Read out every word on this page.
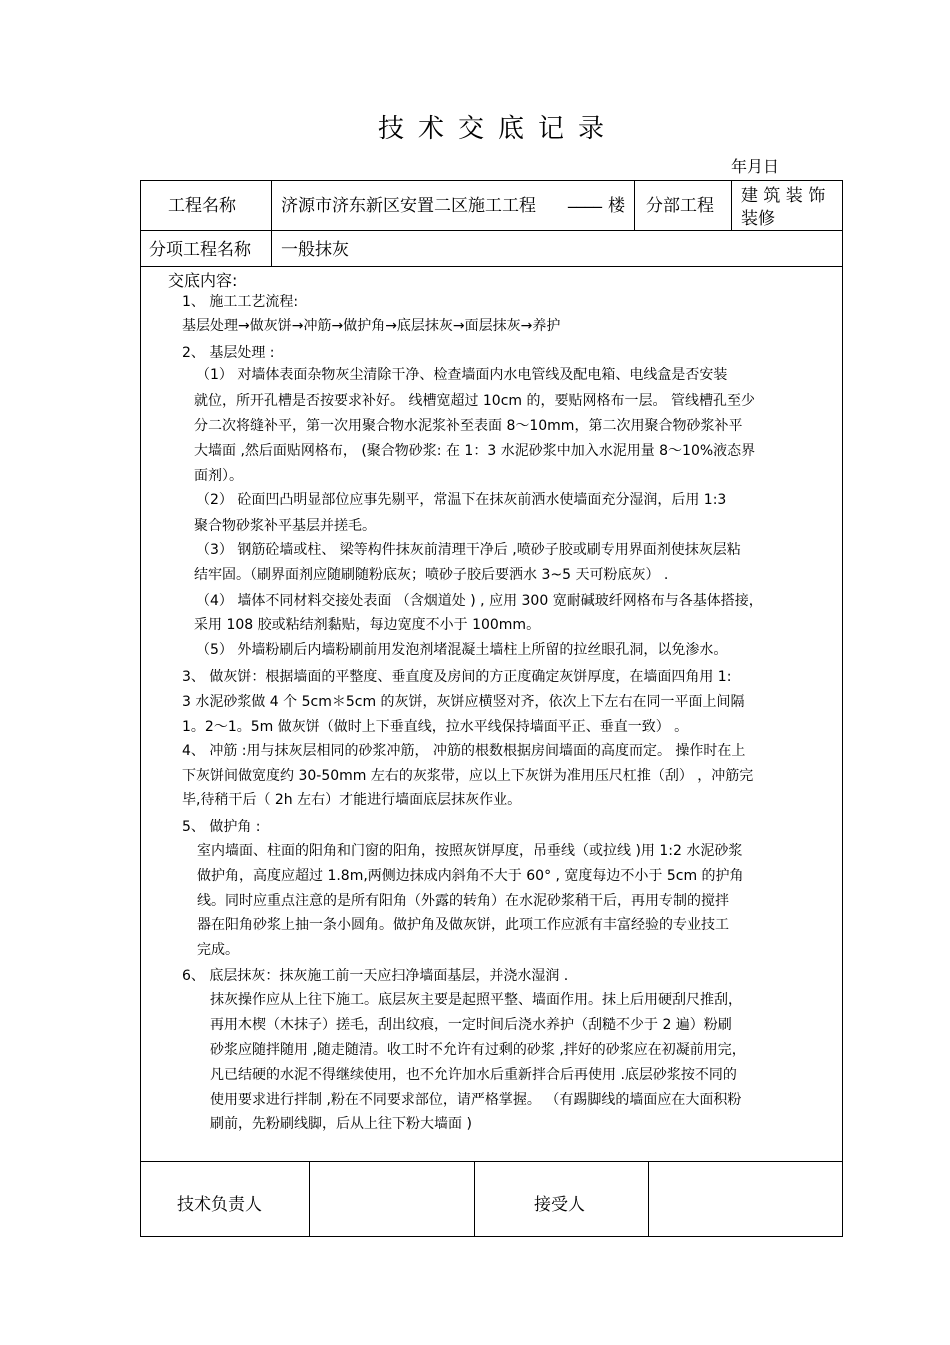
技术交底记录
年月日
工程名称	济源市济东新区安置二区施工工程 ____ 楼 分部工程 建 筑 装 饰
装修
分项工程名称 一般抹灰
交底内容:
1、 施工工艺流程:
基层处理→做灰饼→冲筋→做护角→底层抹灰→面层抹灰→养护
2、 基层处理 :
（1） 对墙体表面杂物灰尘清除干净、检查墙面内水电管线及配电箱、电线盒是否安装
就位，所开孔槽是否按要求补好。 线槽宽超过 10cm 的，要贴网格布一层。 管线槽孔至少
分二次将缝补平，第一次用聚合物水泥浆补至表面 8～10mm，第二次用聚合物砂浆补平
大墙面 ,然后面贴网格布， (聚合物砂浆: 在 1：3 水泥砂浆中加入水泥用量 8～10%液态界
面剂）。
（2） 砼面凹凸明显部位应事先剔平，常温下在抹灰前洒水使墙面充分湿润，后用 1:3
聚合物砂浆补平基层并搓毛。
（3） 钢筋砼墙或柱、 梁等构件抹灰前清理干净后 ,喷砂子胶或刷专用界面剂使抹灰层粘
结牢固。（刷界面剂应随刷随粉底灰；喷砂子胶后要洒水 3~5 天可粉底灰） .
（4） 墙体不同材料交接处表面 （含烟道处 ) , 应用 300 宽耐碱玻纤网格布与各基体搭接，
采用 108 胶或粘结剂黏贴，每边宽度不小于 100mm。
（5） 外墙粉刷后内墙粉刷前用发泡剂堵混凝土墙柱上所留的拉丝眼孔洞，以免渗水。
3、 做灰饼：根据墙面的平整度、垂直度及房间的方正度确定灰饼厚度，在墙面四角用 1:
3 水泥砂浆做 4 个 5cm＊5cm 的灰饼，灰饼应横竖对齐，依次上下左右在同一平面上间隔
1。2～1。5m 做灰饼（做时上下垂直线，拉水平线保持墙面平正、垂直一致） 。
4、 冲筋 :用与抹灰层相同的砂浆冲筋， 冲筋的根数根据房间墙面的高度而定。 操作时在上
下灰饼间做宽度约 30-50mm 左右的灰浆带，应以上下灰饼为准用压尺杠推（刮） ，冲筋完
毕,待稍干后（ 2h 左右）才能进行墙面底层抹灰作业。
5、 做护角 :
室内墙面、柱面的阳角和门窗的阳角，按照灰饼厚度，吊垂线（或拉线 )用 1:2 水泥砂浆
做护角，高度应超过 1.8m,两侧边抹成内斜角不大于 60° , 宽度每边不小于 5cm 的护角
线。同时应重点注意的是所有阳角（外露的转角）在水泥砂浆稍干后，再用专制的搅拌
器在阳角砂浆上抽一条小圆角。做护角及做灰饼，此项工作应派有丰富经验的专业技工
完成。
6、 底层抹灰：抹灰施工前一天应扫净墙面基层，并浇水湿润 .
抹灰操作应从上往下施工。底层灰主要是起照平整、墙面作用。抹上后用硬刮尺推刮，
再用木楔（木抹子）搓毛，刮出纹痕，一定时间后浇水养护（刮糙不少于 2 遍）粉刷
砂浆应随拌随用 ,随走随清。收工时不允许有过剩的砂浆 ,拌好的砂浆应在初凝前用完，
凡已结硬的水泥不得继续使用，也不允许加水后重新拌合后再使用 .底层砂浆按不同的
使用要求进行拌制 ,粉在不同要求部位，请严格掌握。 （有踢脚线的墙面应在大面积粉
刷前，先粉刷线脚，后从上往下粉大墙面 )
技术负责人	接受人
